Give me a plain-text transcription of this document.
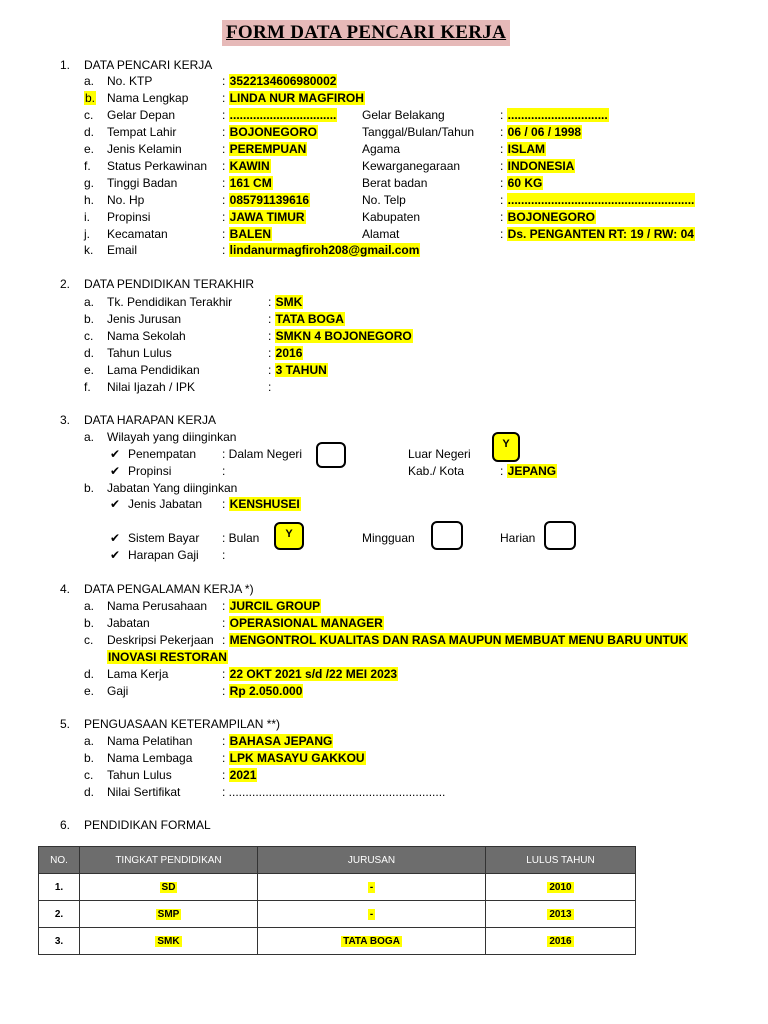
FORM DATA PENCARI KERJA
1. DATA PENCARI KERJA
a. No. KTP	: 3522134606980002
b. Nama Lengkap	: LINDA NUR MAGFIROH
c. Gelar Depan	: ................................ Gelar Belakang	: ..............................
d. Tempat Lahir	: BOJONEGORO	Tanggal/Bulan/Tahun : 06 / 06 / 1998
e. Jenis Kelamin	: PEREMPUAN	Agama	: ISLAM
f. Status Perkawinan : KAWIN	Kewarganegaraan	: INDONESIA
g. Tinggi Badan	: 161 CM	Berat badan	: 60 KG
h. No. Hp	: 085791139616	No. Telp	: ........................................................
i. Propinsi	: JAWA TIMUR	Kabupaten	: BOJONEGORO
j. Kecamatan	: BALEN	Alamat	: Ds. PENGANTEN RT: 19 / RW: 04
k. Email	: lindanurmagfiroh208@gmail.com
2. DATA PENDIDIKAN TERAKHIR
a. Tk. Pendidikan Terakhir	: SMK
b. Jenis Jurusan	: TATA BOGA
c. Nama Sekolah	: SMKN 4 BOJONEGORO
d. Tahun Lulus	: 2016
e. Lama Pendidikan	: 3 TAHUN
f. Nilai Ijazah / IPK	:
3. DATA HARAPAN KERJA
a. Wilayah yang diinginkan
✔ Penempatan : Dalam Negeri	Luar Negeri
Y
✔ Propinsi	:	Kab./ Kota	: JEPANG
b. Jabatan Yang diinginkan
✔ Jenis Jabatan : KENSHUSEI
✔ Sistem Bayar : Bulan	Y	Mingguan	Harian
✔ Harapan Gaji :
4. DATA PENGALAMAN KERJA *)
a. Nama Perusahaan : JURCIL GROUP
b. Jabatan	: OPERASIONAL MANAGER
c. Deskripsi Pekerjaan : MENGONTROL KUALITAS DAN RASA MAUPUN MEMBUAT MENU BARU UNTUK
INOVASI RESTORAN
d. Lama Kerja	: 22 OKT 2021 s/d /22 MEI 2023
e. Gaji	: Rp 2.050.000
5. PENGUASAAN KETERAMPILAN **)
a. Nama Pelatihan : BAHASA JEPANG
b. Nama Lembaga : LPK MASAYU GAKKOU
c. Tahun Lulus	: 2021
d. Nilai Sertifikat	: .................................................................
6. PENDIDIKAN FORMAL
NO.	TINGKAT PENDIDIKAN	JURUSAN	LULUS TAHUN
1.	SD	-	2010
2.	SMP	-	2013
3.	SMK	TATA BOGA	2016
